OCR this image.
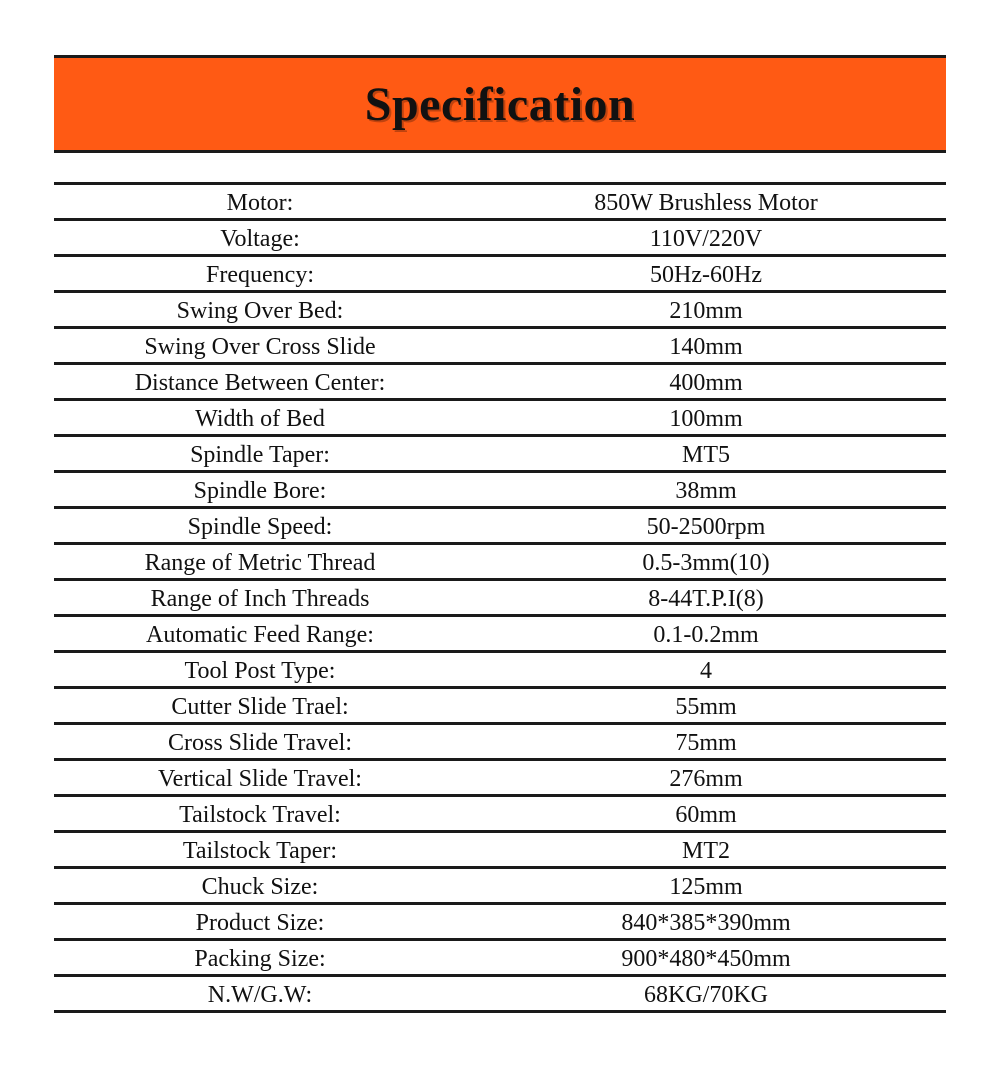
Specification
Motor:	850W Brushless Motor
Voltage:	110V/220V
Frequency:	50Hz-60Hz
Swing Over Bed:	210mm
Swing Over Cross Slide	140mm
Distance Between Center:	400mm
Width of Bed	100mm
Spindle Taper:	MT5
Spindle Bore:	38mm
Spindle Speed:	50-2500rpm
Range of Metric Thread	0.5-3mm(10)
Range of Inch Threads	8-44T.P.I(8)
Automatic Feed Range:	0.1-0.2mm
Tool Post Type:	4
Cutter Slide Trael:	55mm
Cross Slide Travel:	75mm
Vertical Slide Travel:	276mm
Tailstock Travel:	60mm
Tailstock Taper:	MT2
Chuck Size:	125mm
Product Size:	840*385*390mm
Packing Size:	900*480*450mm
N.W/G.W:	68KG/70KG
